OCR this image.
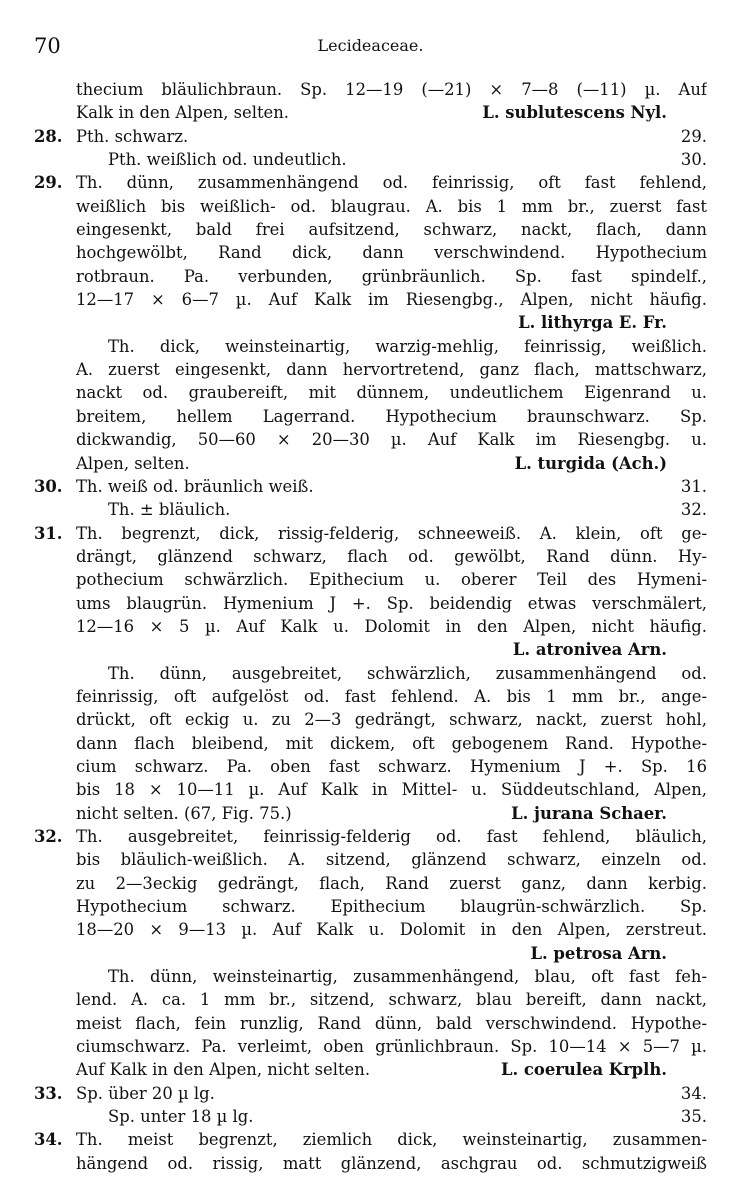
70	Lecideaceae.
thecium bläulichbraun. Sp. 12—19 (—21) × 7—8 (—11) µ. Auf
L. sublutescens Nyl.
Kalk in den Alpen, selten.
28. Pth. schwarz.	29.
Pth. weißlich od. undeutlich.	30.
29. Th. dünn, zusammenhängend od. feinrissig, oft fast fehlend,
weißlich bis weißlich- od. blaugrau. A. bis 1 mm br., zuerst fast
eingesenkt, bald frei aufsitzend, schwarz, nackt, flach, dann
hochgewölbt, Rand dick, dann verschwindend. Hypothecium
rotbraun. Pa. verbunden, grünbräunlich. Sp. fast spindelf.,
12—17 × 6—7 µ. Auf Kalk im Riesengbg., Alpen, nicht häufig.
L. lithyrga E. Fr.
Th. dick, weinsteinartig, warzig-mehlig, feinrissig, weißlich.
A. zuerst eingesenkt, dann hervortretend, ganz flach, mattschwarz,
nackt od. graubereift, mit dünnem, undeutlichem Eigenrand u.
breitem, hellem Lagerrand. Hypothecium braunschwarz. Sp.
dickwandig, 50—60 × 20—30 µ. Auf Kalk im Riesengbg. u.
L. turgida (Ach.)
Alpen, selten.
30. Th. weiß od. bräunlich weiß.	31.
Th. ± bläulich.	32.
31. Th. begrenzt, dick, rissig-felderig, schneeweiß. A. klein, oft ge-
drängt, glänzend schwarz, flach od. gewölbt, Rand dünn. Hy-
pothecium schwärzlich. Epithecium u. oberer Teil des Hymeni-
ums blaugrün. Hymenium J +. Sp. beidendig etwas verschmälert,
12—16 × 5 µ. Auf Kalk u. Dolomit in den Alpen, nicht häufig.
L. atronivea Arn.
Th. dünn, ausgebreitet, schwärzlich, zusammenhängend od.
feinrissig, oft aufgelöst od. fast fehlend. A. bis 1 mm br., ange-
drückt, oft eckig u. zu 2—3 gedrängt, schwarz, nackt, zuerst hohl,
dann flach bleibend, mit dickem, oft gebogenem Rand. Hypothe-
cium schwarz. Pa. oben fast schwarz. Hymenium J +. Sp. 16
bis 18 × 10—11 µ. Auf Kalk in Mittel- u. Süddeutschland, Alpen,
L. jurana Schaer.
nicht selten. (67, Fig. 75.)
32. Th. ausgebreitet, feinrissig-felderig od. fast fehlend, bläulich,
bis bläulich-weißlich. A. sitzend, glänzend schwarz, einzeln od.
zu 2—3eckig gedrängt, flach, Rand zuerst ganz, dann kerbig.
Hypothecium schwarz. Epithecium blaugrün-schwärzlich. Sp.
18—20 × 9—13 µ. Auf Kalk u. Dolomit in den Alpen, zerstreut.
L. petrosa Arn.
Th. dünn, weinsteinartig, zusammenhängend, blau, oft fast feh-
lend. A. ca. 1 mm br., sitzend, schwarz, blau bereift, dann nackt,
meist flach, fein runzlig, Rand dünn, bald verschwindend. Hypothe-
ciumschwarz. Pa. verleimt, oben grünlichbraun. Sp. 10—14 × 5—7 µ.
L. coerulea Krplh.
Auf Kalk in den Alpen, nicht selten.
33. Sp. über 20 µ lg.	34.
Sp. unter 18 µ lg.	35.
34. Th. meist begrenzt, ziemlich dick, weinsteinartig, zusammen-
hängend od. rissig, matt glänzend, aschgrau od. schmutzigweiß
